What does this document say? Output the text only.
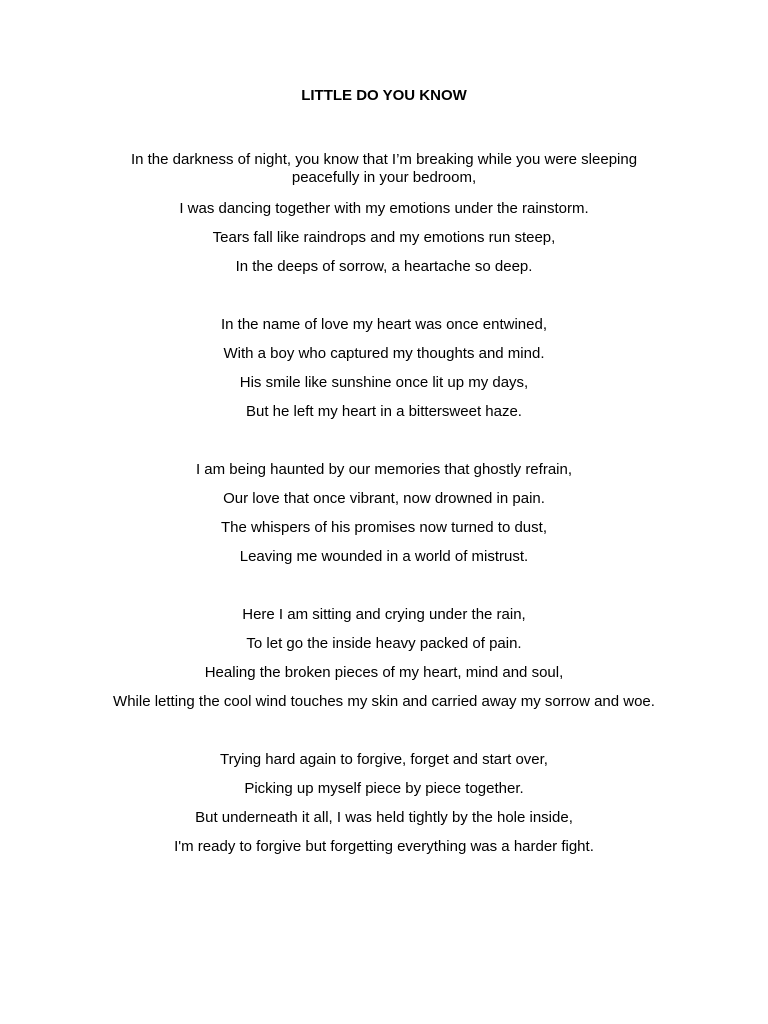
LITTLE DO YOU KNOW
In the darkness of night, you know that I’m breaking while you were sleeping peacefully in your bedroom,
I was dancing together with my emotions under the rainstorm.
Tears fall like raindrops and my emotions run steep,
In the deeps of sorrow, a heartache so deep.
In the name of love my heart was once entwined,
With a boy who captured my thoughts and mind.
His smile like sunshine once lit up my days,
But he left my heart in a bittersweet haze.
I am being haunted by our memories that ghostly refrain,
Our love that once vibrant, now drowned in pain.
The whispers of his promises now turned to dust,
Leaving me wounded in a world of mistrust.
Here I am sitting and crying under the rain,
To let go the inside heavy packed of pain.
Healing the broken pieces of my heart, mind and soul,
While letting the cool wind touches my skin and carried away my sorrow and woe.
Trying hard again to forgive, forget and start over,
Picking up myself piece by piece together.
But underneath it all, I was held tightly by the hole inside,
I'm ready to forgive but forgetting everything was a harder fight.
